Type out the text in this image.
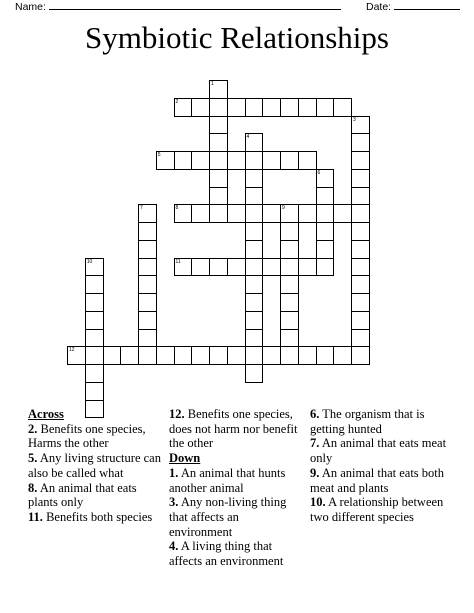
Name:	Date:
Symbiotic Relationships
1
2
3
4
5
6
7	8	9
10	11
12

Across

2. Benefits one species, Harms the other

5. Any living structure can also be called what

8. An animal that eats plants only

11. Benefits both species

12. Benefits one species, does not harm nor benefit the other

Down

1. An animal that hunts another animal

3. Any non-living thing that affects an environment

4. A living thing that affects an environment

6. The organism that is getting hunted

7. An animal that eats meat only

9. An animal that eats both meat and plants

10. A relationship between two different species
